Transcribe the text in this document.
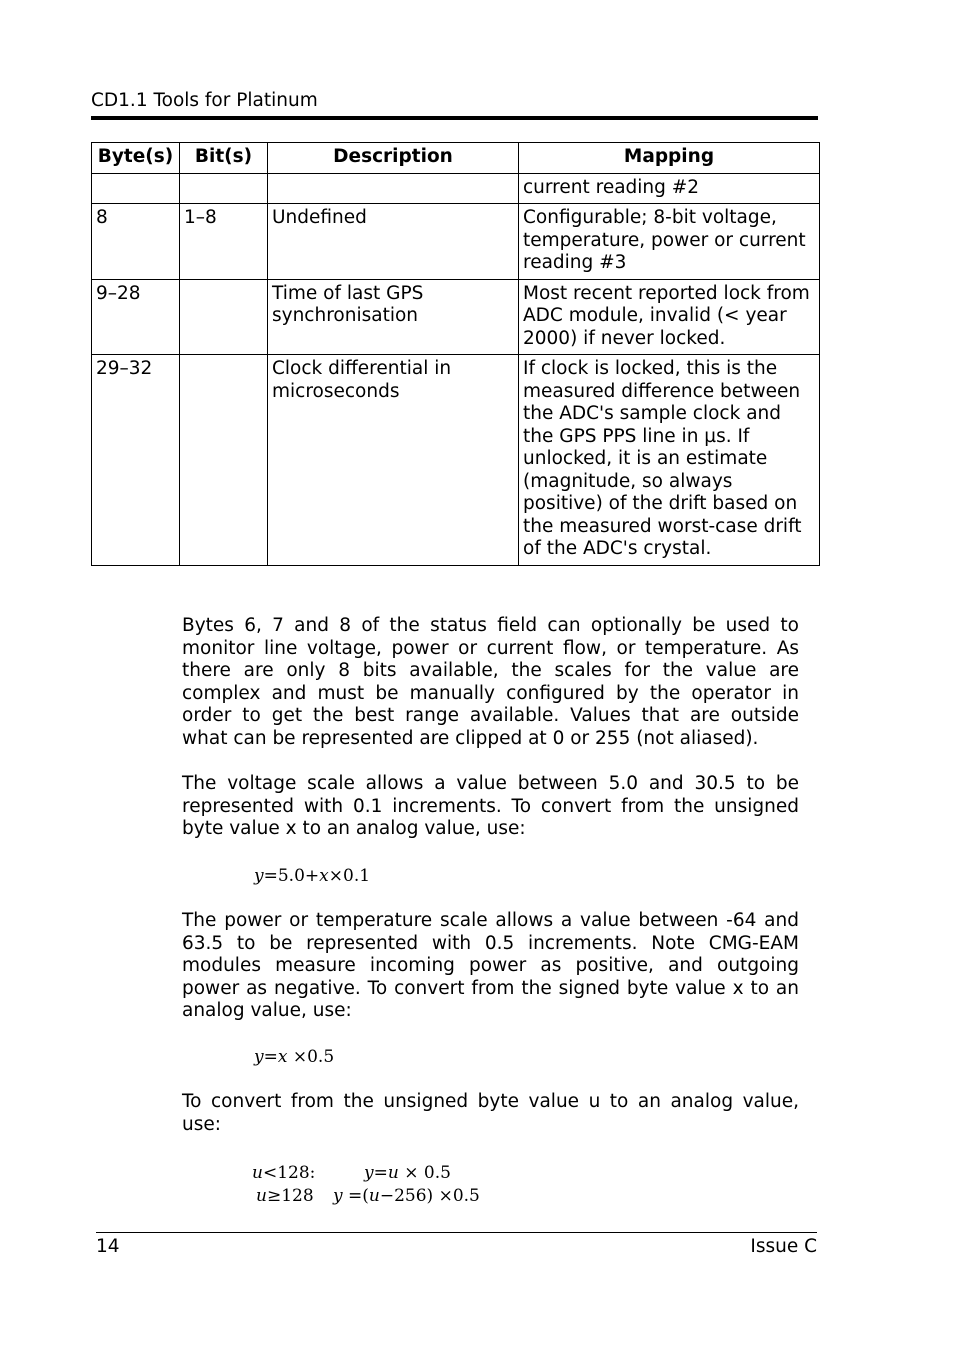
CD1.1 Tools for Platinum
Byte(s)	Bit(s)	Description	Mapping
			current reading #2
8	1–8	Undefined	Configurable; 8-bit voltage, temperature, power or current reading #3
9–28		Time of last GPS synchronisation	Most recent reported lock from ADC module, invalid (< year 2000) if never locked.
29–32		Clock differential in microseconds	If clock is locked, this is the measured difference between the ADC's sample clock and the GPS PPS line in µs. If unlocked, it is an estimate (magnitude, so always positive) of the drift based on the measured worst-case drift of the ADC's crystal.

Bytes 6, 7 and 8 of the status field can optionally be used to monitor line voltage, power or current flow, or temperature. As there are only 8 bits available, the scales for the value are complex and must be manually configured by the operator in order to get the best range available. Values that are outside what can be represented are clipped at 0 or 255 (not aliased).

The voltage scale allows a value between 5.0 and 30.5 to be represented with 0.1 increments. To convert from the unsigned byte value x to an analog value, use:

y=5.0+x×0.1

The power or temperature scale allows a value between -64 and 63.5 to be represented with 0.5 increments. Note CMG-EAM modules measure incoming power as positive, and outgoing power as negative. To convert from the signed byte value x to an analog value, use:

y=x ×0.5

To convert from the unsigned byte value u to an analog value, use:

u<128:	y=u × 0.5
u≥128 y =(u−256) ×0.5
14	Issue C
